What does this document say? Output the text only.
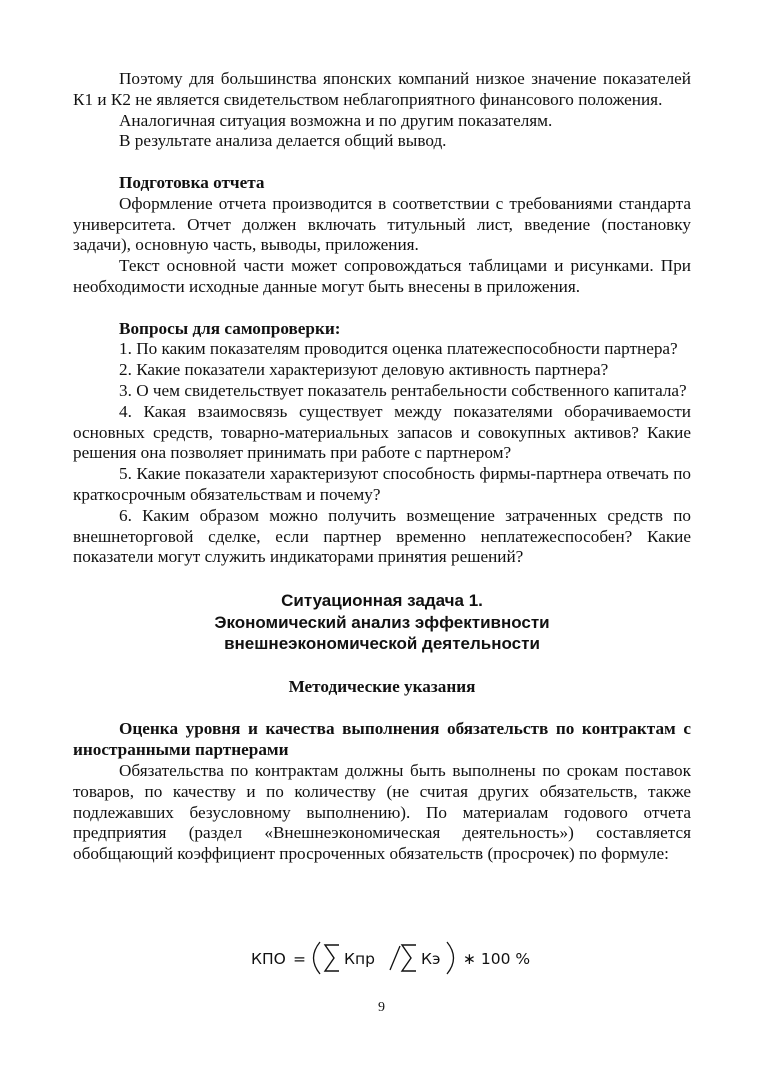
Поэтому для большинства японских компаний низкое значение показателей К1 и К2 не является свидетельством неблагоприятного финансового положения.
Аналогичная ситуация возможна и по другим показателям.
В результате анализа делается общий вывод.
Подготовка отчета
Оформление отчета производится в соответствии с требованиями стандарта университета. Отчет должен включать титульный лист, введение (постановку задачи), основную часть, выводы, приложения.
Текст основной части может сопровождаться таблицами и рисунками. При необходимости исходные данные могут быть внесены в приложения.
Вопросы для самопроверки:
1. По каким показателям проводится оценка платежеспособности партнера?
2. Какие показатели характеризуют деловую активность партнера?
3. О чем свидетельствует показатель рентабельности собственного капитала?
4. Какая взаимосвязь существует между показателями оборачиваемости основных средств, товарно-материальных запасов и совокупных активов? Какие решения она позволяет принимать при работе с партнером?
5. Какие показатели характеризуют способность фирмы-партнера отвечать по краткосрочным обязательствам и почему?
6. Каким образом можно получить возмещение затраченных средств по внешнеторговой сделке, если партнер временно неплатежеспособен? Какие показатели могут служить индикаторами принятия решений?
Ситуационная задача 1.
Экономический анализ эффективности
внешнеэкономической деятельности
Методические указания
Оценка уровня и качества выполнения обязательств по контрактам с иностранными партнерами
Обязательства по контрактам должны быть выполнены по срокам поставок товаров, по качеству и по количеству (не считая других обязательств, также подлежавших безусловному выполнению). По материалам годового отчета предприятия (раздел «Внешнеэкономическая деятельность») составляется обобщающий коэффициент просроченных обязательств (просрочек) по формуле:
КПО = Кпр	Кэ ∗ 100 %
9
